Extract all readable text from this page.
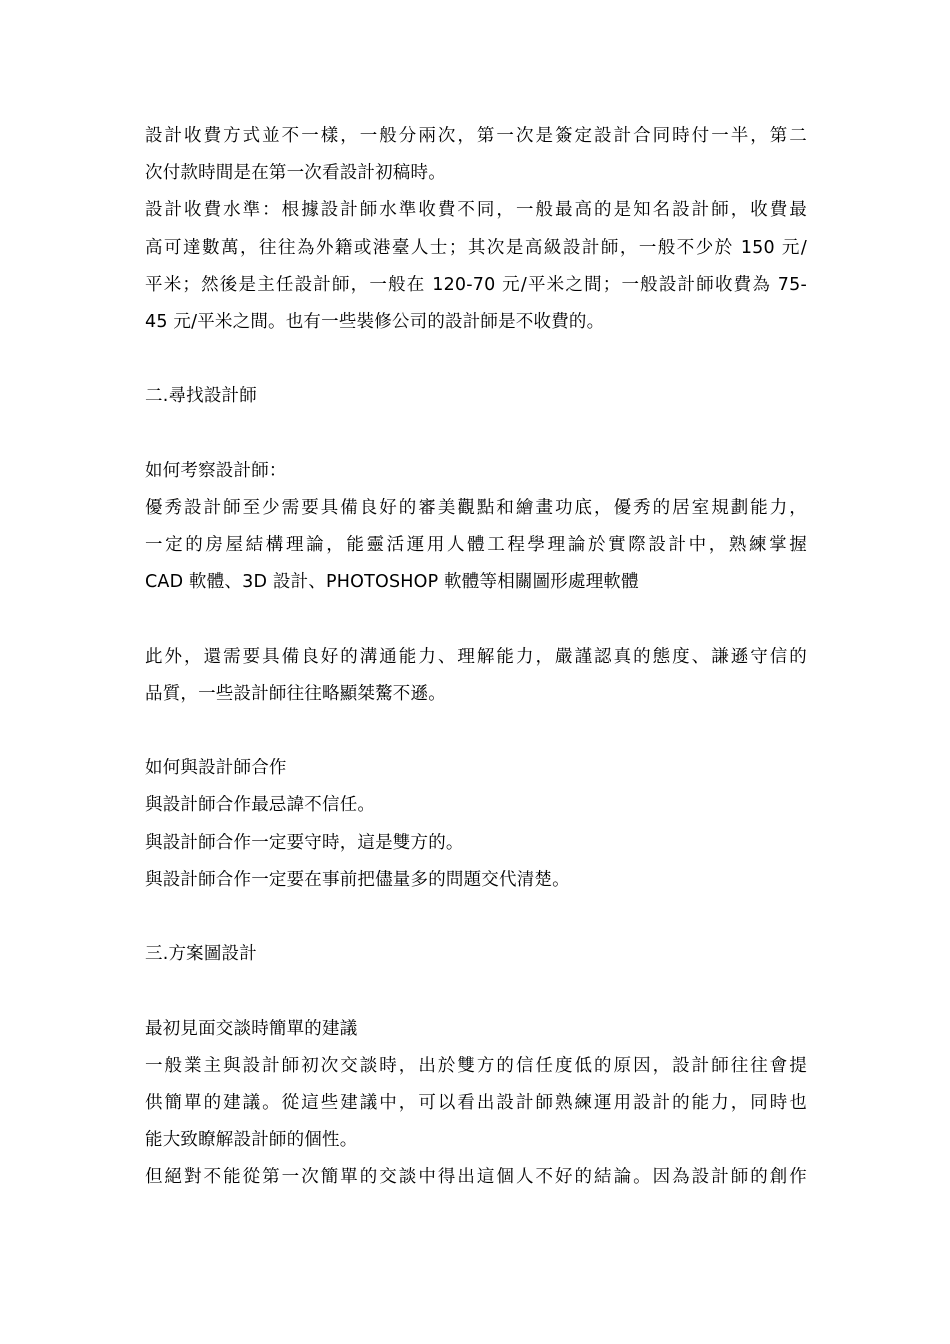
設計收費方式並不一樣，一般分兩次，第一次是簽定設計合同時付一半，第二
次付款時間是在第一次看設計初稿時。
設計收費水準：根據設計師水準收費不同，一般最高的是知名設計師，收費最
高可達數萬，往往為外籍或港臺人士；其次是高級設計師，一般不少於 150 元/
平米；然後是主任設計師，一般在 120-70 元/平米之間；一般設計師收費為 75-
45 元/平米之間。也有一些裝修公司的設計師是不收費的。
二.尋找設計師
如何考察設計師：
優秀設計師至少需要具備良好的審美觀點和繪畫功底，優秀的居室規劃能力，
一定的房屋結構理論，能靈活運用人體工程學理論於實際設計中，熟練掌握
CAD 軟體、3D 設計、PHOTOSHOP 軟體等相關圖形處理軟體
此外，還需要具備良好的溝通能力、理解能力，嚴謹認真的態度、謙遜守信的
品質，一些設計師往往略顯桀驁不遜。
如何與設計師合作
與設計師合作最忌諱不信任。
與設計師合作一定要守時，這是雙方的。
與設計師合作一定要在事前把儘量多的問題交代清楚。
三.方案圖設計
最初見面交談時簡單的建議
一般業主與設計師初次交談時，出於雙方的信任度低的原因，設計師往往會提
供簡單的建議。從這些建議中，可以看出設計師熟練運用設計的能力，同時也
能大致瞭解設計師的個性。
但絕對不能從第一次簡單的交談中得出這個人不好的結論。因為設計師的創作
